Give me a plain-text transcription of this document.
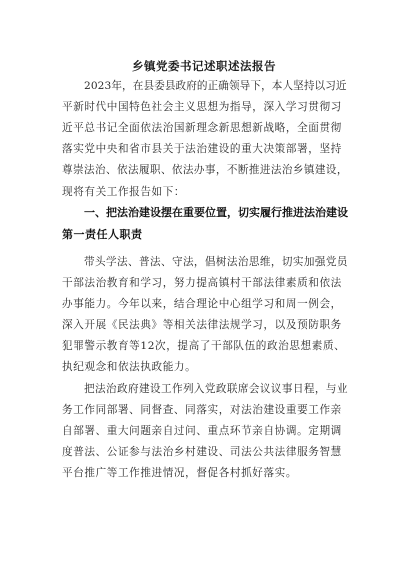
乡镇党委书记述职述法报告
2023年，在县委县政府的正确领导下，本人坚持以习近
平新时代中国特色社会主义思想为指导，深入学习贯彻习
近平总书记全面依法治国新理念新思想新战略，全面贯彻
落实党中央和省市县关于法治建设的重大决策部署，坚持
尊崇法治、依法履职、依法办事，不断推进法治乡镇建设，
现将有关工作报告如下：
一、把法治建设摆在重要位置，切实履行推进法治建设
第一责任人职责
带头学法、普法、守法，倡树法治思维，切实加强党员
干部法治教育和学习，努力提高镇村干部法律素质和依法
办事能力。今年以来，结合理论中心组学习和周一例会，
深入开展《民法典》等相关法律法规学习，以及预防职务
犯罪警示教育等12次，提高了干部队伍的政治思想素质、
执纪观念和依法执政能力。
把法治政府建设工作列入党政联席会议议事日程，与业
务工作同部署、同督查、同落实，对法治建设重要工作亲
自部署、重大问题亲自过问、重点环节亲自协调。定期调
度普法、公证参与法治乡村建设、司法公共法律服务智慧
平台推广等工作推进情况，督促各村抓好落实。
